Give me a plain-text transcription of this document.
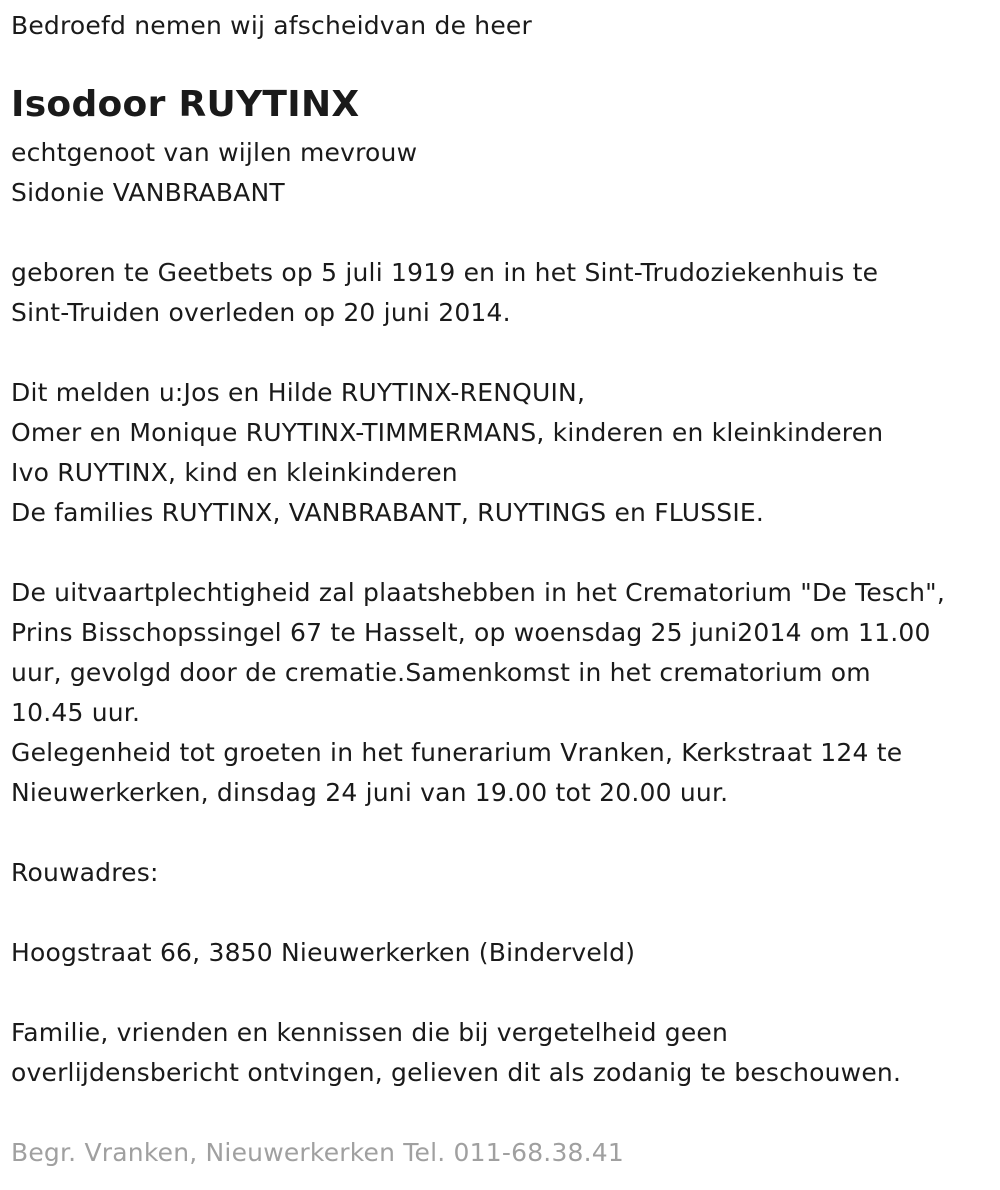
Bedroefd nemen wij afscheidvan de heer
Isodoor RUYTINX
echtgenoot van wijlen mevrouw
Sidonie VANBRABANT
geboren te Geetbets op 5 juli 1919 en in het Sint-Trudoziekenhuis te
Sint-Truiden overleden op 20 juni 2014.
Dit melden u:Jos en Hilde RUYTINX-RENQUIN,
Omer en Monique RUYTINX-TIMMERMANS, kinderen en kleinkinderen
Ivo RUYTINX, kind en kleinkinderen
De families RUYTINX, VANBRABANT, RUYTINGS en FLUSSIE.
De uitvaartplechtigheid zal plaatshebben in het Crematorium "De Tesch",
Prins Bisschopssingel 67 te Hasselt, op woensdag 25 juni2014 om 11.00
uur, gevolgd door de crematie.Samenkomst in het crematorium om
10.45 uur.
Gelegenheid tot groeten in het funerarium Vranken, Kerkstraat 124 te
Nieuwerkerken, dinsdag 24 juni van 19.00 tot 20.00 uur.
Rouwadres:
Hoogstraat 66, 3850 Nieuwerkerken (Binderveld)
Familie, vrienden en kennissen die bij vergetelheid geen
overlijdensbericht ontvingen, gelieven dit als zodanig te beschouwen.
Begr. Vranken, Nieuwerkerken Tel. 011-68.38.41
